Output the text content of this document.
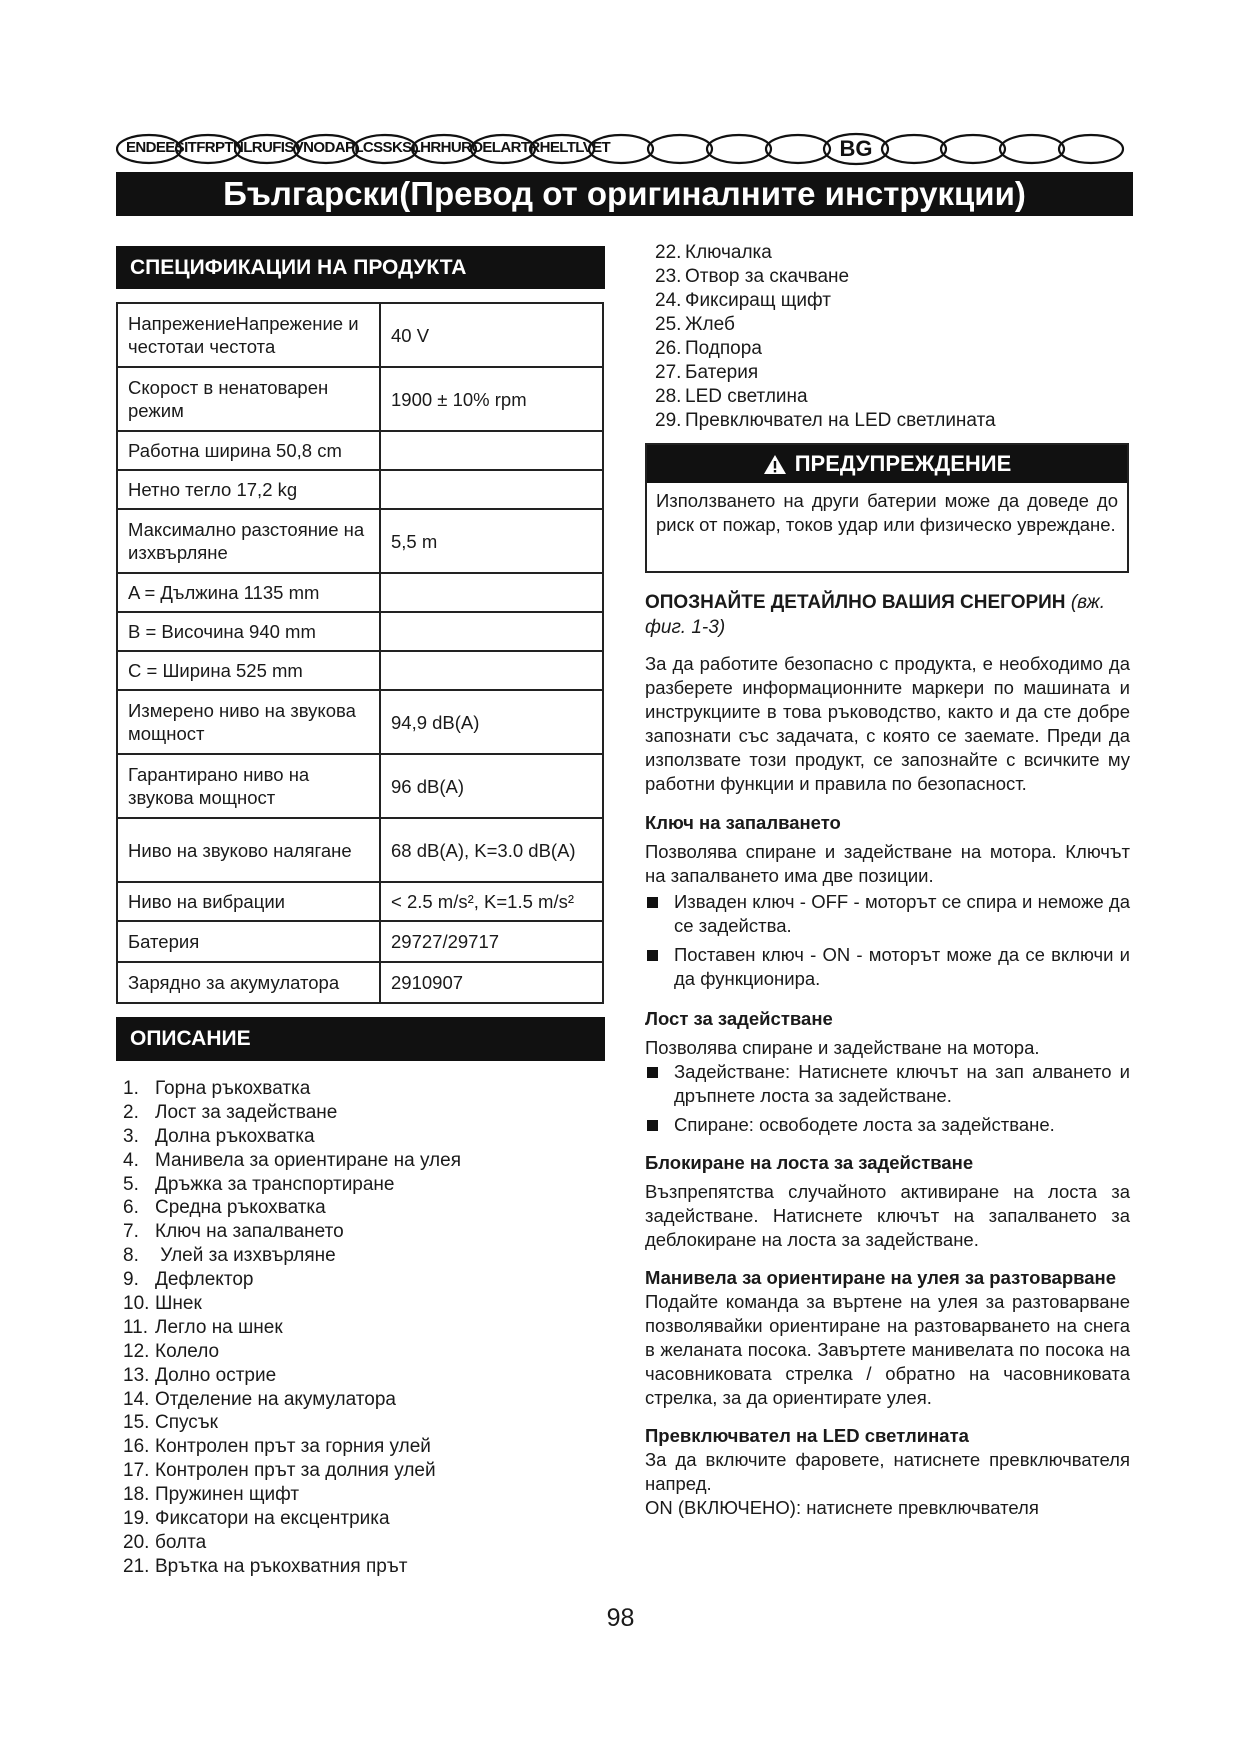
ENDEESITFRPTNLRUFISVNODAPLCSSKSLHRHUROELARTRHELTLVET	BG
Български(Превод от оригиналните инструкции)
СПЕЦИФИКАЦИИ НА ПРОДУКТА
НапрежениеНапрежение и честотаи честота	40 V
Скорост в ненатоварен режим	1900 ± 10% rpm
Работна ширина 50,8 cm	
Нетно тегло 17,2 kg	
Максимално разстояние на изхвърляне	5,5 m
A = Дължина 1135 mm	
B = Височина 940 mm	
C = Ширина 525 mm	
Измерено ниво на звукова мощност	94,9 dB(A)
Гарантирано ниво на звукова мощност	96 dB(A)
Ниво на звуково налягане	68 dB(A), K=3.0 dB(A)
Ниво на вибрации	< 2.5 m/s², K=1.5 m/s²
Батерия	29727/29717
Зарядно за акумулатора	2910907
ОПИСАНИЕ
1. Горна ръкохватка
2. Лост за задействане
3. Долна ръкохватка
4. Манивела за ориентиране на улея
5. Дръжка за транспортиране
6. Средна ръкохватка
7. Ключ на запалването
8. Улей за изхвърляне
9. Дефлектор
10. Шнек
11. Легло на шнек
12. Колело
13. Долно острие
14. Отделение на акумулатора
15. Спусък
16. Контролен прът за горния улей
17. Контролен прът за долния улей
18. Пружинен щифт
19. Фиксатори на ексцентрика
20. болта
21. Врътка на ръкохватния прът
22. Ключалка
23. Отвор за скачване
24. Фиксиращ щифт
25. Жлеб
26. Подпора
27. Батерия
28. LED светлина
29. Превключвател на LED светлината
ПРЕДУПРЕЖДЕНИЕ
Използването на други батерии може да доведе до риск от пожар, токов удар или физическо увреждане.
ОПОЗНАЙТЕ ДЕТАЙЛНО ВАШИЯ СНЕГОРИН (вж. фиг. 1-3)

За да работите безопасно с продукта, е необходимо да разберете информационните маркери по машината и инструкциите в това ръководство, както и да сте добре запознати със задачата, с която се заемате. Преди да използвате този продукт, се запознайте с всичките му работни функции и правила по безопасност.

Ключ на запалването

Позволява спиране и задействане на мотора. Ключът на запалването има две позиции.

Изваден ключ - OFF - моторът се спира и неможе да се задейства.
Поставен ключ - ON - моторът може да се включи и да функционира.
Лост за задействане

Позволява спиране и задействане на мотора.

Задействане: Натиснете ключът на зап алването и дръпнете лоста за задействане.
Спиране: освободете лоста за задействане.
Блокиране на лоста за задействане

Възпрепятства случайното активиране на лоста за задействане. Натиснете ключът на запалването за деблокиране на лоста за задействане.

Манивела за ориентиране на улея за разтоварване

Подайте команда за въртене на улея за разтоварване позволявайки ориентиране на разтоварването на снега в желаната посока. Завъртете манивелата по посока на часовниковата стрелка / обратно на часовниковата стрелка, за да ориентирате улея.

Превключвател на LED светлината

За да включите фаровете, натиснете превключвателя напред.

ON (ВКЛЮЧЕНО): натиснете превключвателя

98
